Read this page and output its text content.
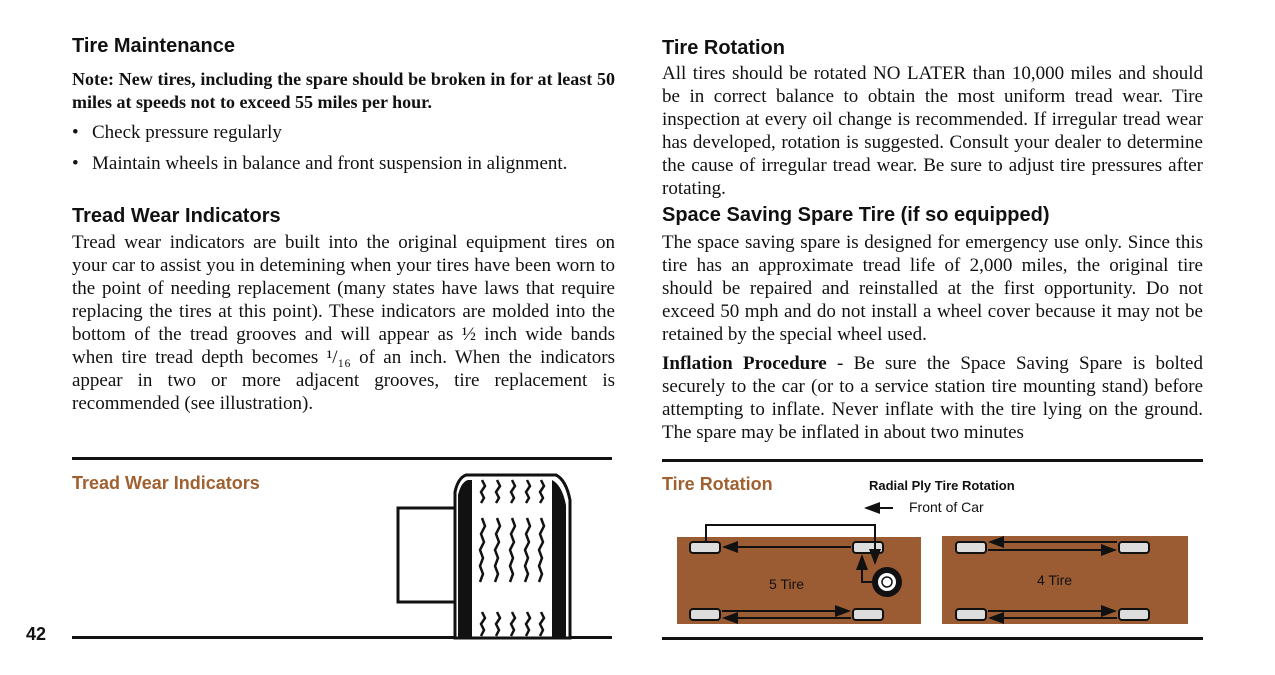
Tire Maintenance

Note: New tires, including the spare should be broken in for at least 50 miles at speeds not to exceed 55 miles per hour.

• Check pressure regularly

• Maintain wheels in balance and front suspension in alignment.

Tread Wear Indicators

Tread wear indicators are built into the original equipment tires on your car to assist you in detemining when your tires have been worn to the point of needing replacement (many states have laws that require replacing the tires at this point). These indicators are molded into the bottom of the tread grooves and will appear as ½ inch wide bands when tire tread depth becomes ¹/₁₆ of an inch. When the indicators appear in two or more adjacent grooves, tire replacement is recommended (see illustration).

Tread Wear Indicators
42
Tire Rotation

All tires should be rotated NO LATER than 10,000 miles and should be in correct balance to obtain the most uniform tread wear. Tire inspection at every oil change is recommended. If irregular tread wear has developed, rotation is suggested. Consult your dealer to determine the cause of irregular tread wear. Be sure to adjust tire pressures after rotating.

Space Saving Spare Tire (if so equipped)

The space saving spare is designed for emergency use only. Since this tire has an approximate tread life of 2,000 miles, the original tire should be repaired and reinstalled at the first opportunity. Do not exceed 50 mph and do not install a wheel cover because it may not be retained by the special wheel used.

Inflation Procedure - Be sure the Space Saving Spare is bolted securely to the car (or to a service station tire mounting stand) before attempting to inflate. Never inflate with the tire lying on the ground. The spare may be inflated in about two minutes

Tire Rotation	Radial Ply Tire Rotation
Front of Car
5 Tire	4 Tire
